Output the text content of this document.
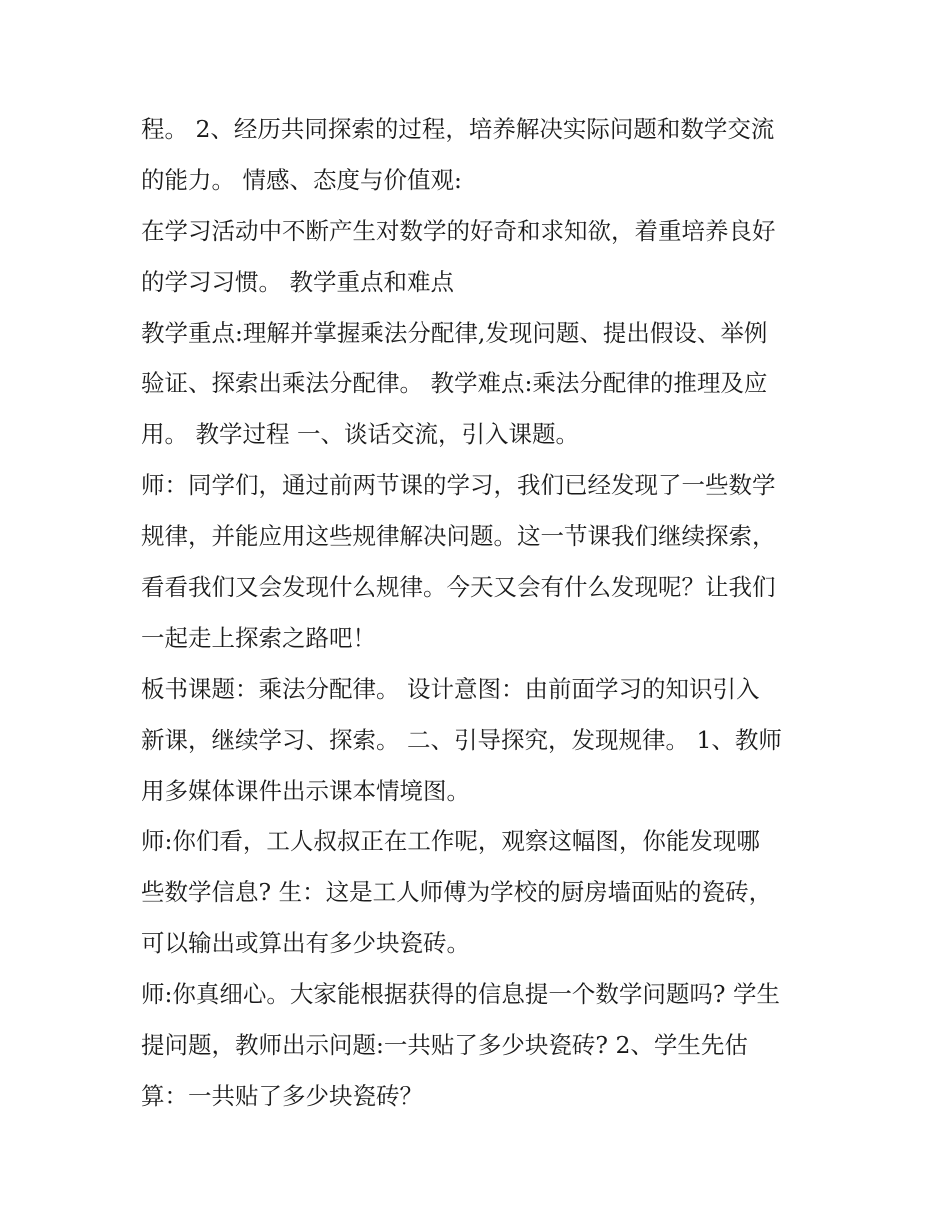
程。 2、经历共同探索的过程，培养解决实际问题和数学交流
的能力。 情感、态度与价值观:
在学习活动中不断产生对数学的好奇和求知欲，着重培养良好
的学习习惯。 教学重点和难点
教学重点:理解并掌握乘法分配律,发现问题、提出假设、举例
验证、探索出乘法分配律。 教学难点:乘法分配律的推理及应
用。 教学过程 一、谈话交流，引入课题。
师：同学们，通过前两节课的学习，我们已经发现了一些数学
规律，并能应用这些规律解决问题。这一节课我们继续探索，
看看我们又会发现什么规律。今天又会有什么发现呢？让我们
一起走上探索之路吧！
板书课题：乘法分配律。 设计意图：由前面学习的知识引入
新课，继续学习、探索。 二、引导探究，发现规律。 1、教师
用多媒体课件出示课本情境图。
师:你们看，工人叔叔正在工作呢，观察这幅图，你能发现哪
些数学信息? 生：这是工人师傅为学校的厨房墙面贴的瓷砖，
可以输出或算出有多少块瓷砖。
师:你真细心。大家能根据获得的信息提一个数学问题吗? 学生
提问题，教师出示问题:一共贴了多少块瓷砖? 2、学生先估
算：一共贴了多少块瓷砖？
